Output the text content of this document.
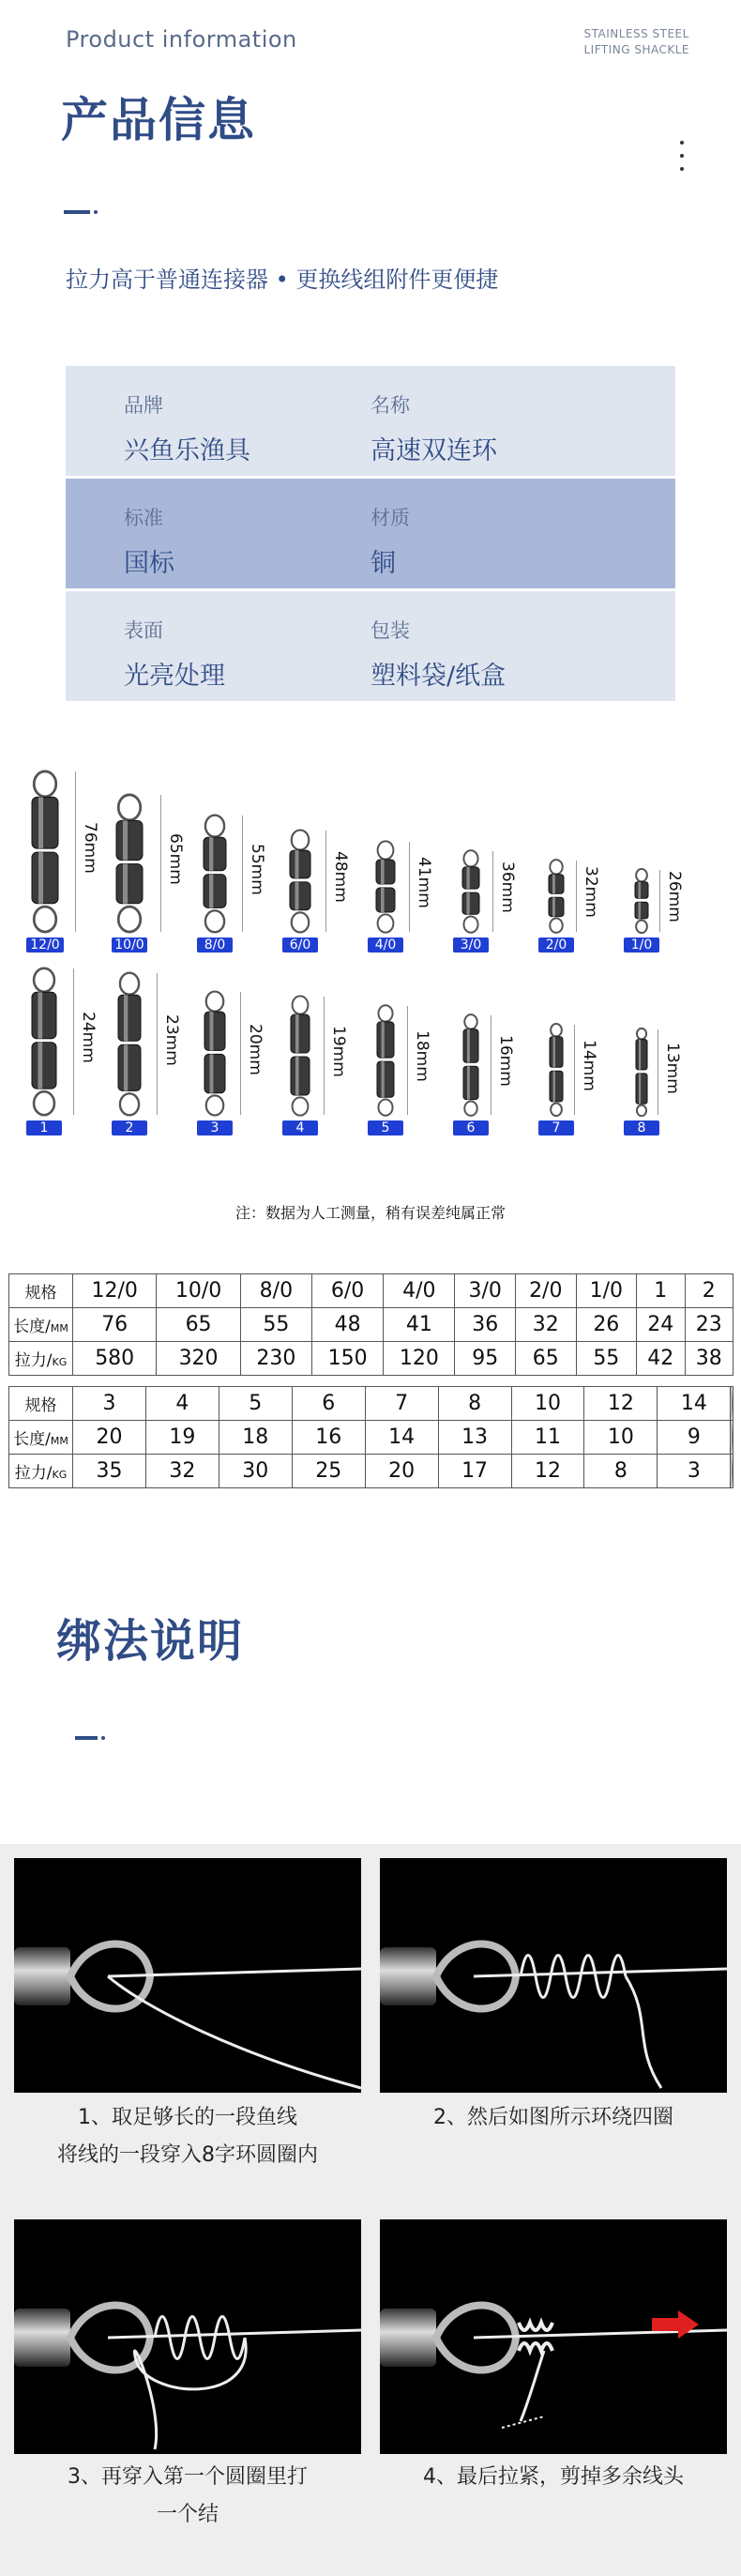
Product information	STAINLESS STEEL
LIFTING SHACKLE
产品信息
拉力高于普通连接器 • 更换线组附件更便捷
品牌
兴鱼乐渔具
名称
高速双连环
标准
国标
材质
铜
表面
光亮处理
包装
塑料袋/纸盒
12/0
76mm
10/0
65mm
8/0
55mm
6/0
48mm
4/0
41mm
3/0
36mm
2/0
32mm
1/0
26mm
1
24mm
2
23mm
3
20mm
4
19mm
5
18mm
6
16mm
7
14mm
8
13mm
注：数据为人工测量，稍有误差纯属正常
规格	12/0	10/0	8/0	6/0	4/0	3/0	2/0	1/0	1	2
长度/MM	76	65	55	48	41	36	32	26	24	23
拉力/KG	580	320	230	150	120	95	65	55	42	38
规格	3	4	5	6	7	8	10	12	14	
长度/MM	20	19	18	16	14	13	11	10	9	
拉力/KG	35	32	30	25	20	17	12	8	3	
绑法说明
1、取足够长的一段鱼线
将线的一段穿入8字环圆圈内
2、然后如图所示环绕四圈
3、再穿入第一个圆圈里打
一个结
4、最后拉紧，剪掉多余线头
